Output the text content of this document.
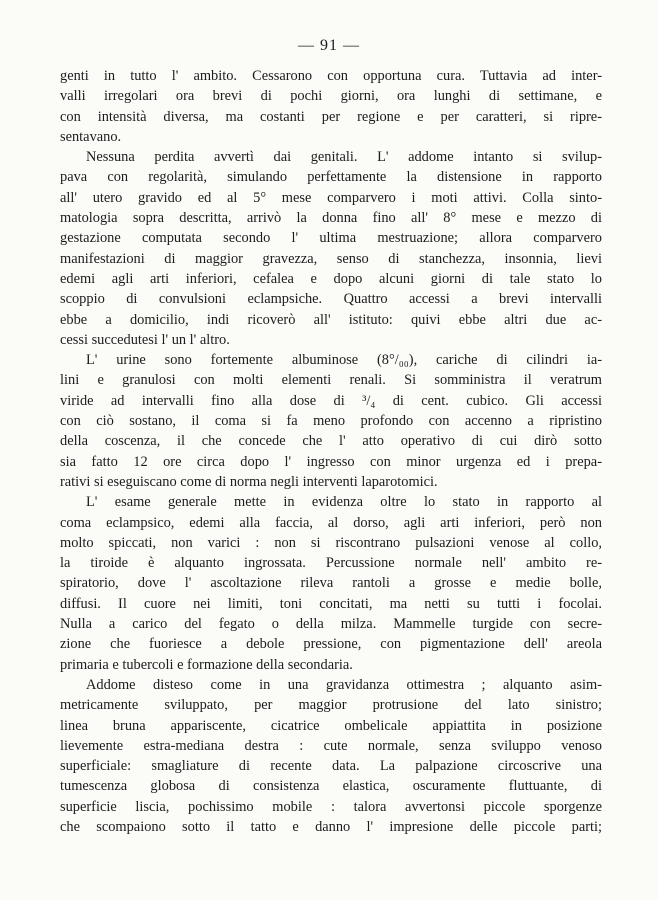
— 91 —
genti in tutto l' ambito. Cessarono con opportuna cura. Tuttavia ad inter-
valli irregolari ora brevi di pochi giorni, ora lunghi di settimane, e
con intensità diversa, ma costanti per regione e per caratteri, si ripre-
sentavano.
Nessuna perdita avvertì dai genitali. L' addome intanto si svilup-
pava con regolarità, simulando perfettamente la distensione in rapporto
all' utero gravido ed al 5° mese comparvero i moti attivi. Colla sinto-
matologia sopra descritta, arrivò la donna fino all' 8° mese e mezzo di
gestazione computata secondo l' ultima mestruazione; allora comparvero
manifestazioni di maggior gravezza, senso di stanchezza, insonnia, lievi
edemi agli arti inferiori, cefalea e dopo alcuni giorni di tale stato lo
scoppio di convulsioni eclampsiche. Quattro accessi a brevi intervalli
ebbe a domicilio, indi ricoverò all' istituto: quivi ebbe altri due ac-
cessi succedutesi l' un l' altro.
L' urine sono fortemente albuminose (8°/₀₀), cariche di cilindri ia-
lini e granulosi con molti elementi renali. Si somministra il veratrum
viride ad intervalli fino alla dose di ³/₄ di cent. cubico. Gli accessi
con ciò sostano, il coma si fa meno profondo con accenno a ripristino
della coscenza, il che concede che l' atto operativo di cui dirò sotto
sia fatto 12 ore circa dopo l' ingresso con minor urgenza ed i prepa-
rativi si eseguiscano come di norma negli interventi laparotomici.
L' esame generale mette in evidenza oltre lo stato in rapporto al
coma eclampsico, edemi alla faccia, al dorso, agli arti inferiori, però non
molto spiccati, non varici : non si riscontrano pulsazioni venose al collo,
la tiroide è alquanto ingrossata. Percussione normale nell' ambito re-
spiratorio, dove l' ascoltazione rileva rantoli a grosse e medie bolle,
diffusi. Il cuore nei limiti, toni concitati, ma netti su tutti i focolai.
Nulla a carico del fegato o della milza. Mammelle turgide con secre-
zione che fuoriesce a debole pressione, con pigmentazione dell' areola
primaria e tubercoli e formazione della secondaria.
Addome disteso come in una gravidanza ottimestra ; alquanto asim-
metricamente sviluppato, per maggior protrusione del lato sinistro;
linea bruna appariscente, cicatrice ombelicale appiattita in posizione
lievemente estra-mediana destra : cute normale, senza sviluppo venoso
superficiale: smagliature di recente data. La palpazione circoscrive una
tumescenza globosa di consistenza elastica, oscuramente fluttuante, di
superficie liscia, pochissimo mobile : talora avvertonsi piccole sporgenze
che scompaiono sotto il tatto e danno l' impresione delle piccole parti;
